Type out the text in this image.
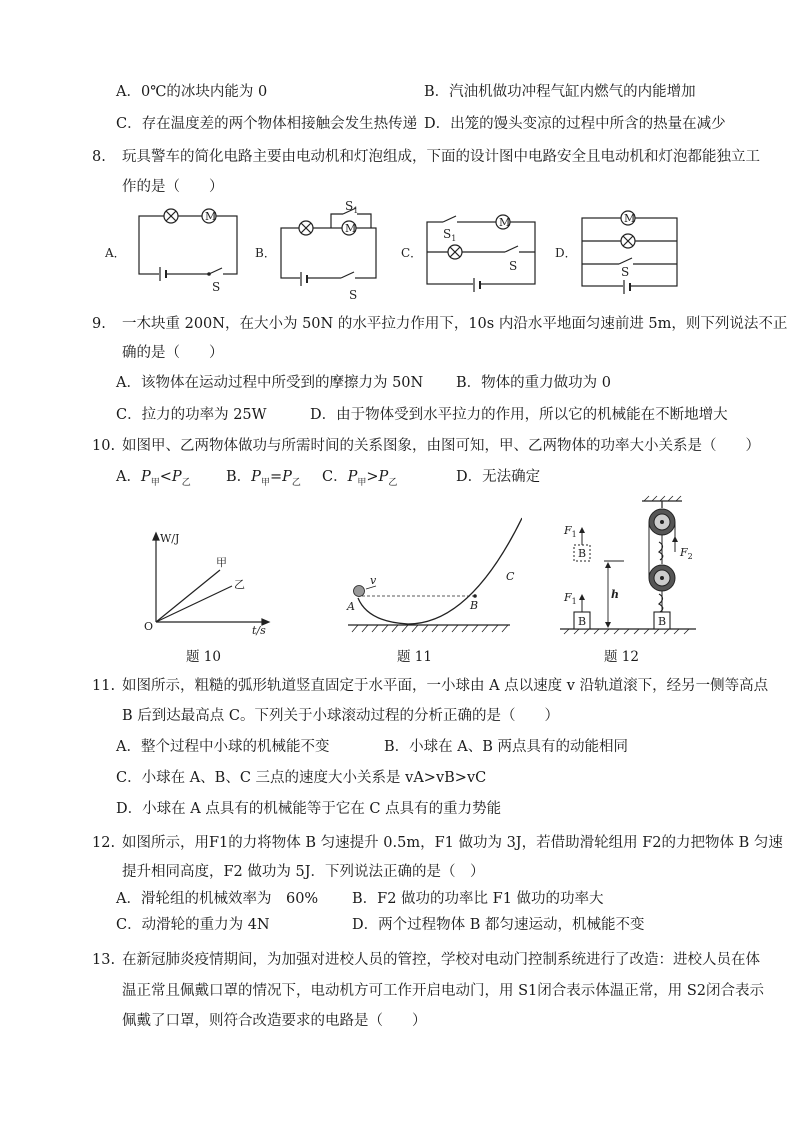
A．0℃的冰块内能为 0	B．汽油机做功冲程气缸内燃气的内能增加
C．存在温度差的两个物体相接触会发生热传递 D．出笼的馒头变凉的过程中所含的热量在减少
8. 玩具警车的简化电路主要由电动机和灯泡组成，下面的设计图中电路安全且电动机和灯泡都能独立工
作的是（　　）
M
M	M	M
A．	B．	C．	D．
S
S
$S_1$
$S_1$
S	S
9. 一木块重 200N，在大小为 50N 的水平拉力作用下，10s 内沿水平地面匀速前进 5m，则下列说法不正
确的是（　　）
A．该物体在运动过程中所受到的摩擦力为 50N B．物体的重力做功为 0
C．拉力的功率为 25W	D．由于物体受到水平拉力的作用，所以它的机械能在不断地增大
10. 如图甲、乙两物体做功与所需时间的关系图象，由图可知，甲、乙两物体的功率大小关系是（　　）
A．$P_甲<P_乙$ B．$P_甲=P_乙$ C．$P_甲>P_乙$	D．无法确定
W/J
t/s
O
甲
乙
题 10
v
A	B
C
题 11
$F_1$
$F_1$
$F_2$
B
B	B
h
题 12
11. 如图所示，粗糙的弧形轨道竖直固定于水平面，一小球由 A 点以速度 v 沿轨道滚下，经另一侧等高点
B 后到达最高点 C。下列关于小球滚动过程的分析正确的是（　　）
A．整个过程中小球的机械能不变	B．小球在 A、B 两点具有的动能相同
C．小球在 A、B、C 三点的速度大小关系是 vA>vB>vC
D．小球在 A 点具有的机械能等于它在 C 点具有的重力势能
12. 如图所示，用F1的力将物体 B 匀速提升 0.5m，F1 做功为 3J，若借助滑轮组用 F2的力把物体 B 匀速
提升相同高度，F2 做功为 5J．下列说法正确的是（　）
A．滑轮组的机械效率为　60% B．F2 做功的功率比 F1 做功的功率大
C．动滑轮的重力为 4N	D．两个过程物体 B 都匀速运动，机械能不变
13. 在新冠肺炎疫情期间，为加强对进校人员的管控，学校对电动门控制系统进行了改造：进校人员在体
温正常且佩戴口罩的情况下，电动机方可工作开启电动门，用 S1闭合表示体温正常，用 S2闭合表示
佩戴了口罩，则符合改造要求的电路是（　　）
